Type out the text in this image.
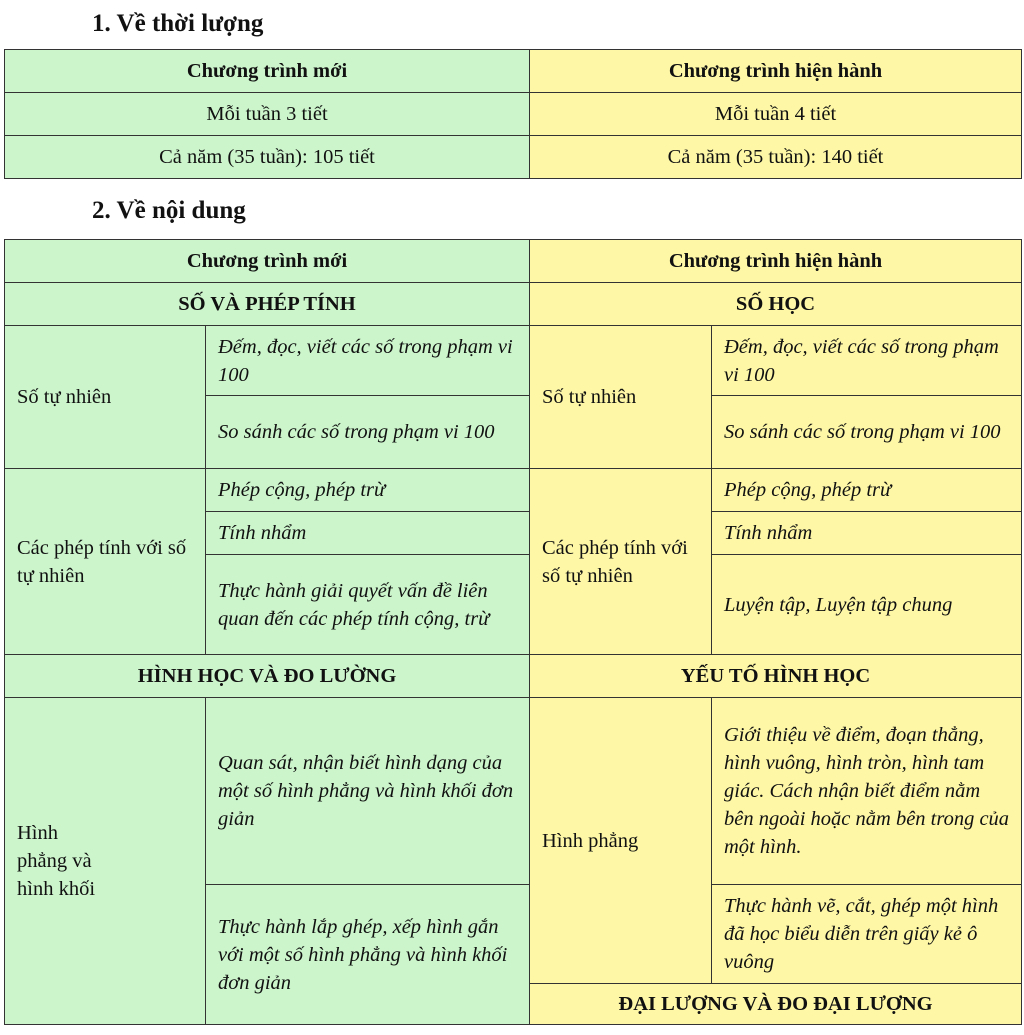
1. Về thời lượng
Chương trình mới	Chương trình hiện hành
Mỗi tuần 3 tiết	Mỗi tuần 4 tiết
Cả năm (35 tuần): 105 tiết	Cả năm (35 tuần): 140 tiết
2. Về nội dung
Chương trình mới		Chương trình hiện hành	
SỐ VÀ PHÉP TÍNH		SỐ HỌC	
Số tự nhiên	Đếm, đọc, viết các số trong phạm vi 100	Số tự nhiên	Đếm, đọc, viết các số trong phạm vi 100
	So sánh các số trong phạm vi 100		So sánh các số trong phạm vi 100
Các phép tính với số tự nhiên	Phép cộng, phép trừ	Các phép tính với số tự nhiên	Phép cộng, phép trừ
	Tính nhẩm		Tính nhẩm
	Thực hành giải quyết vấn đề liên quan đến các phép tính cộng, trừ		Luyện tập, Luyện tập chung
HÌNH HỌC VÀ ĐO LƯỜNG		YẾU TỐ HÌNH HỌC	

Hình phẳng và hình khối	Quan sát, nhận biết hình dạng của một số hình phẳng và hình khối đơn giản	Hình phẳng	Giới thiệu về điểm, đoạn thẳng, hình vuông, hình tròn, hình tam giác. Cách nhận biết điểm nằm bên ngoài hoặc nằm bên trong của một hình.
	Thực hành lắp ghép, xếp hình gắn với một số hình phẳng và hình khối đơn giản		Thực hành vẽ, cắt, ghép một hình đã học biểu diễn trên giấy kẻ ô vuông
		ĐẠI LƯỢNG VÀ ĐO ĐẠI LƯỢNG	
